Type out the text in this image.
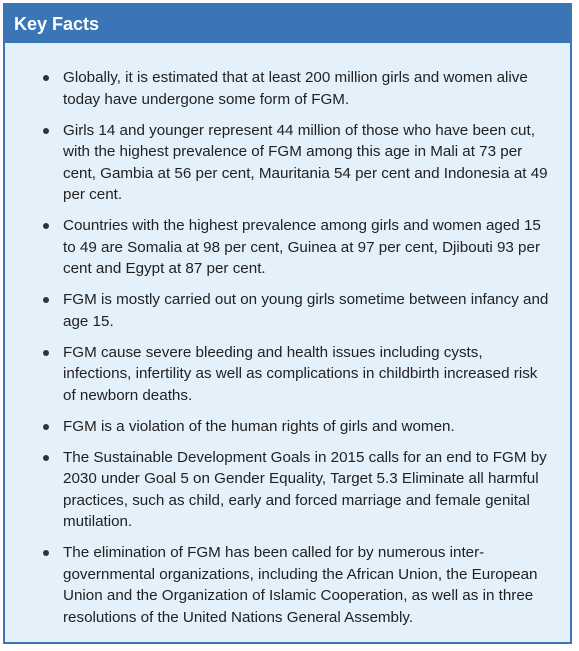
Key Facts
Globally, it is estimated that at least 200 million girls and women alive today have undergone some form of FGM.
Girls 14 and younger represent 44 million of those who have been cut, with the highest prevalence of FGM among this age in Mali at 73 per cent, Gambia at 56 per cent, Mauritania 54 per cent and Indonesia at 49 per cent.
Countries with the highest prevalence among girls and women aged 15 to 49 are Somalia at 98 per cent, Guinea at 97 per cent, Djibouti 93 per cent and Egypt at 87 per cent.
FGM is mostly carried out on young girls sometime between infancy and age 15.
FGM cause severe bleeding and health issues including cysts, infections, infertility as well as complications in childbirth increased risk of newborn deaths.
FGM is a violation of the human rights of girls and women.
The Sustainable Development Goals in 2015 calls for an end to FGM by 2030 under Goal 5 on Gender Equality, Target 5.3 Eliminate all harmful practices, such as child, early and forced marriage and female genital mutilation.
The elimination of FGM has been called for by numerous inter-governmental organizations, including the African Union, the European Union and the Organization of Islamic Cooperation, as well as in three resolutions of the United Nations General Assembly.
